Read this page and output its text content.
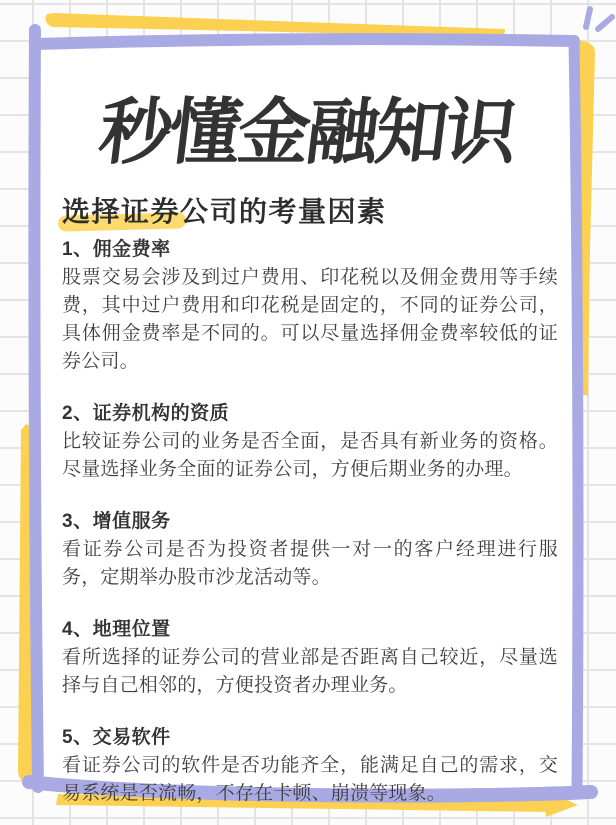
秒懂金融知识
选择证券公司的考量因素
1、佣金费率
股票交易会涉及到过户费用、印花税以及佣金费用等手续费，其中过户费用和印花税是固定的，不同的证券公司，具体佣金费率是不同的。可以尽量选择佣金费率较低的证券公司。
2、证券机构的资质
比较证券公司的业务是否全面，是否具有新业务的资格。尽量选择业务全面的证券公司，方便后期业务的办理。
3、增值服务
看证券公司是否为投资者提供一对一的客户经理进行服务，定期举办股市沙龙活动等。
4、地理位置
看所选择的证券公司的营业部是否距离自己较近，尽量选择与自己相邻的，方便投资者办理业务。
5、交易软件
看证券公司的软件是否功能齐全，能满足自己的需求，交易系统是否流畅，不存在卡顿、崩溃等现象。
